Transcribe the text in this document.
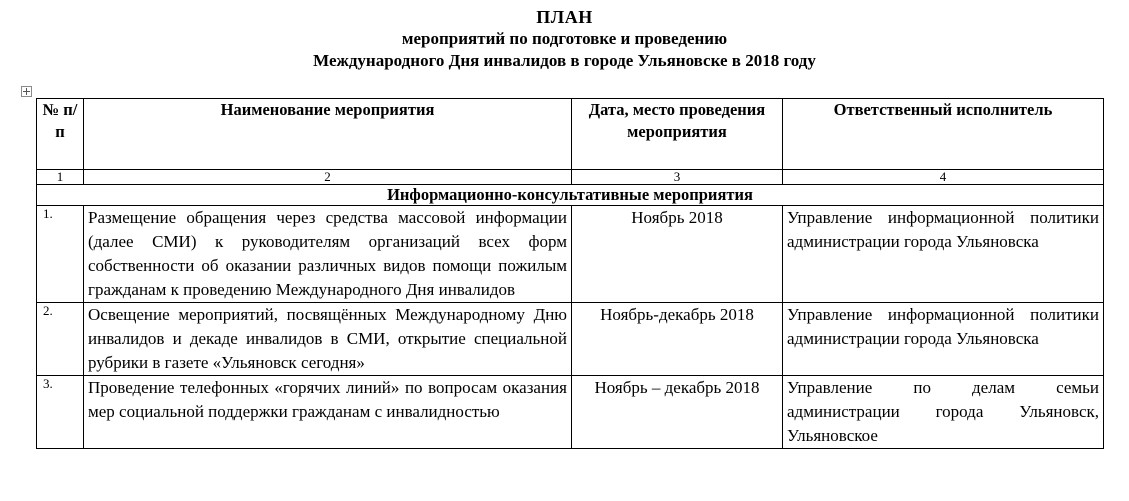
ПЛАН
мероприятий по подготовке и проведению
Международного Дня инвалидов в городе Ульяновске в 2018 году
№ п/п	Наименование мероприятия	Дата, место проведения мероприятия	Ответственный исполнитель
1	2	3	4
Информационно-консультативные мероприятия			
1.	Размещение обращения через средства массовой информации (далее СМИ) к руководителям организаций всех форм собственности об оказании различных видов помощи пожилым гражданам к проведению Международного Дня инвалидов	Ноябрь 2018	Управление информационной политики администрации города Ульяновска
2.	Освещение мероприятий, посвящённых Международному Дню инвалидов и декаде инвалидов в СМИ, открытие специальной рубрики в газете «Ульяновск сегодня»	Ноябрь-декабрь 2018	Управление информационной политики администрации города Ульяновска
3.	Проведение телефонных «горячих линий» по вопросам оказания мер социальной поддержки гражданам с инвалидностью	Ноябрь – декабрь 2018	Управление по делам семьи администрации города Ульяновск, Ульяновское
